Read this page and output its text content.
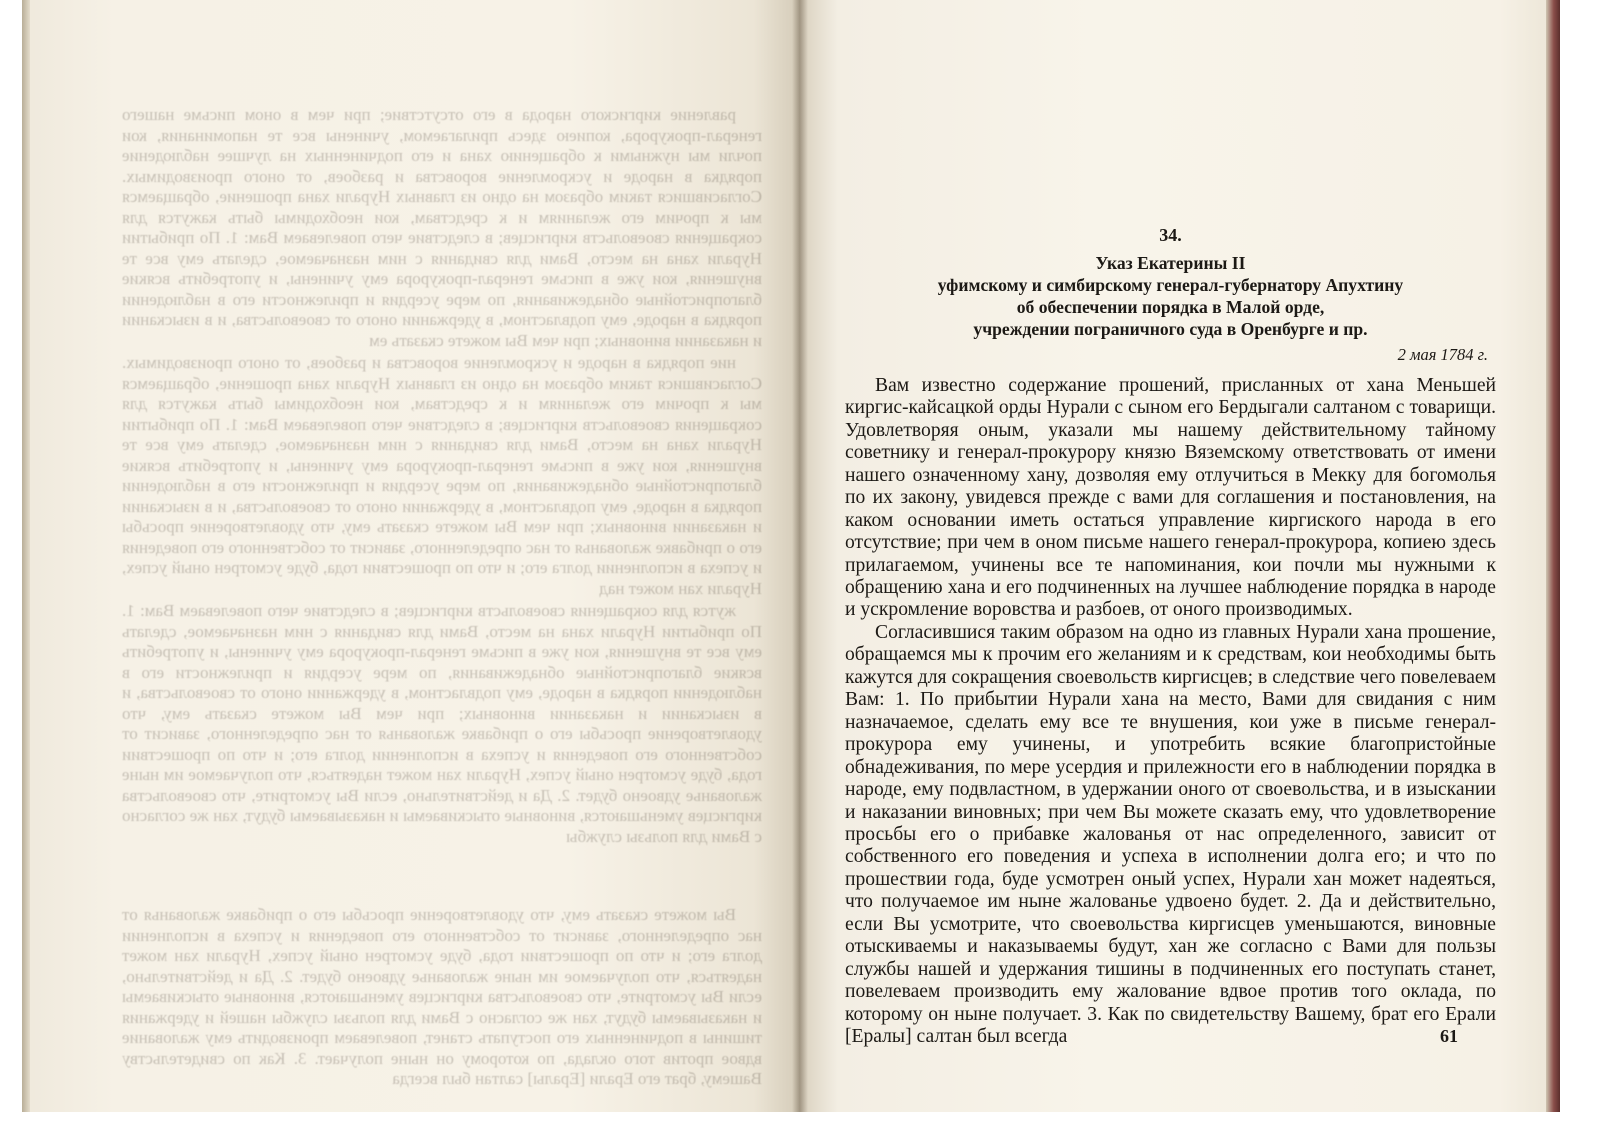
равление киргиского народа в его отсутствие; при чем в оном письме нашего генерал-прокурора, копиею здесь прилагаемом, учинены все те напоминания, кои почли мы нужными к обращению хана и его подчиненных на лучшее наблюдение порядка в народе и ускромление воровства и разбоев, от оного производимых. Согласившися таким образом на одно из главных Нурали хана прошение, обращаемся мы к прочим его желаниям и к средствам, кои необходимы быть кажутся для сокращения своевольств киргисцев; в следствие чего повелеваем Вам: 1. По прибытии Нурали хана на место, Вами для свидания с ним назначаемое, сделать ему все те внушения, кои уже в письме генерал-прокурора ему учинены, и употребить всякие благопристойные обнадеживания, по мере усердия и прилежности его в наблюдении порядка в народе, ему подвластном, в удержании оного от своевольства, и в изыскании и наказании виновных; при чем Вы можете сказать ем

ние порядка в народе и ускромление воровства и разбоев, от оного производимых. Согласившися таким образом на одно из главных Нурали хана прошение, обращаемся мы к прочим его желаниям и к средствам, кои необходимы быть кажутся для сокращения своевольств киргисцев; в следствие чего повелеваем Вам: 1. По прибытии Нурали хана на место, Вами для свидания с ним назначаемое, сделать ему все те внушения, кои уже в письме генерал-прокурора ему учинены, и употребить всякие благопристойные обнадеживания, по мере усердия и прилежности его в наблюдении порядка в народе, ему подвластном, в удержании оного от своевольства, и в изыскании и наказании виновных; при чем Вы можете сказать ему, что удовлетворение просьбы его о прибавке жалованья от нас определенного, зависит от собственного его поведения и успеха в исполнении долга его; и что по прошествии года, буде усмотрен оный успех, Нурали хан может над

жутся для сокращения своевольств киргисцев; в следствие чего повелеваем Вам: 1. По прибытии Нурали хана на место, Вами для свидания с ним назначаемое, сделать ему все те внушения, кои уже в письме генерал-прокурора ему учинены, и употребить всякие благопристойные обнадеживания, по мере усердия и прилежности его в наблюдении порядка в народе, ему подвластном, в удержании оного от своевольства, и в изыскании и наказании виновных; при чем Вы можете сказать ему, что удовлетворение просьбы его о прибавке жалованья от нас определенного, зависит от собственного его поведения и успеха в исполнении долга его; и что по прошествии года, буде усмотрен оный успех, Нурали хан может надеяться, что получаемое им ныне жалованье удвоено будет. 2. Да и действительно, если Вы усмотрите, что своевольства киргисцев уменьшаются, виновные отыскиваемы и наказываемы будут, хан же согласно с Вами для пользы службы

Вы можете сказать ему, что удовлетворение просьбы его о прибавке жалованья от нас определенного, зависит от собственного его поведения и успеха в исполнении долга его; и что по прошествии года, буде усмотрен оный успех, Нурали хан может надеяться, что получаемое им ныне жалованье удвоено будет. 2. Да и действительно, если Вы усмотрите, что своевольства киргисцев уменьшаются, виновные отыскиваемы и наказываемы будут, хан же согласно с Вами для пользы службы нашей и удержания тишины в подчиненных его поступать станет, повелеваем производить ему жалование вдвое против того оклада, по которому он ныне получает. 3. Как по свидетельству Вашему, брат его Ерали [Ералы] салтан был всегда

34.

Указ Екатерины II

уфимскому и симбирскому генерал-губернатору Апухтину

об обеспечении порядка в Малой орде,

учреждении пограничного суда в Оренбурге и пр.

2 мая 1784 г.

Вам известно содержание прошений, присланных от хана Меньшей киргис-кайсацкой орды Нурали с сыном его Бердыгали салтаном с товарищи. Удовлетворяя оным, указали мы нашему действительному тайному советнику и генерал-прокурору князю Вяземскому ответствовать от имени нашего означенному хану, дозволяя ему отлучиться в Мекку для богомолья по их закону, увидевся прежде с вами для соглашения и постановления, на каком основании иметь остаться управление киргиского народа в его отсутствие; при чем в оном письме нашего генерал-прокурора, копиею здесь прилагаемом, учинены все те напоминания, кои почли мы нужными к обращению хана и его подчиненных на лучшее наблюдение порядка в народе и ускромление воровства и разбоев, от оного производимых.

Согласившися таким образом на одно из главных Нурали хана прошение, обращаемся мы к прочим его желаниям и к средствам, кои необходимы быть кажутся для сокращения своевольств киргисцев; в следствие чего повелеваем Вам: 1. По прибытии Нурали хана на место, Вами для свидания с ним назначаемое, сделать ему все те внушения, кои уже в письме генерал-прокурора ему учинены, и употребить всякие благопристойные обнадеживания, по мере усердия и прилежности его в наблюдении порядка в народе, ему подвластном, в удержании оного от своевольства, и в изыскании и наказании виновных; при чем Вы можете сказать ему, что удовлетворение просьбы его о прибавке жалованья от нас определенного, зависит от собственного его поведения и успеха в исполнении долга его; и что по прошествии года, буде усмотрен оный успех, Нурали хан может надеяться, что получаемое им ныне жалованье удвоено будет. 2. Да и действительно, если Вы усмотрите, что своевольства киргисцев уменьшаются, виновные отыскиваемы и наказываемы будут, хан же согласно с Вами для пользы службы нашей и удержания тишины в подчиненных его поступать станет, повелеваем производить ему жалование вдвое против того оклада, по которому он ныне получает. 3. Как по свидетельству Вашему, брат его Ерали [Ералы] салтан был всегда	61
